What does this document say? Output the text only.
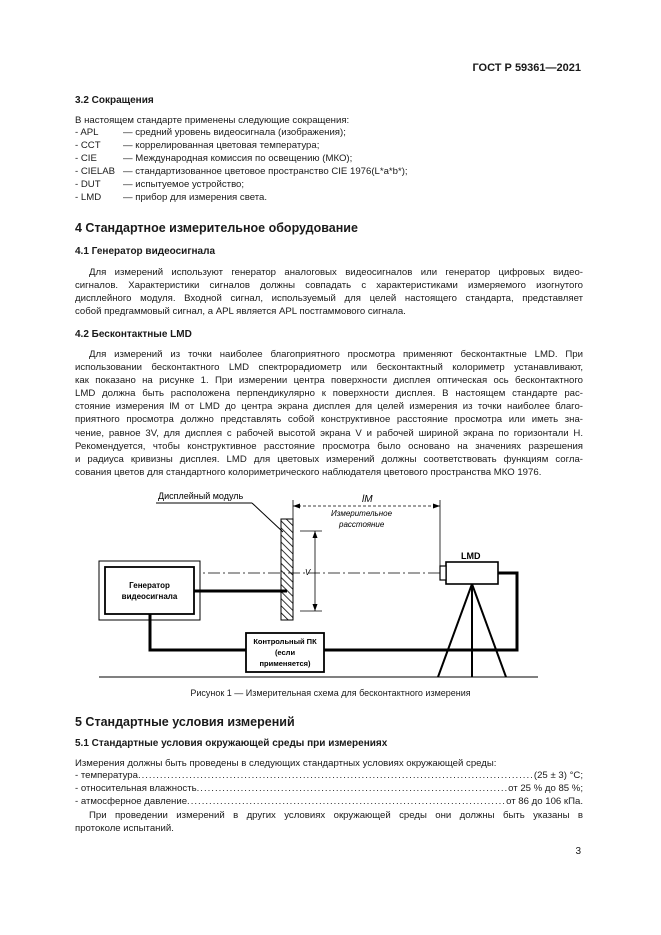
ГОСТ Р 59361—2021
3.2 Сокращения
В настоящем стандарте применены следующие сокращения:
- APL	— средний уровень видеосигнала (изображения);
- CCT — коррелированная цветовая температура;
- CIE	— Международная комиссия по освещению (МКО);
- CIELAB — стандартизованное цветовое пространство CIE 1976(L*a*b*);
- DUT — испытуемое устройство;
- LMD — прибор для измерения света.
4 Стандартное измерительное оборудование
4.1 Генератор видеосигнала
Для измерений используют генератор аналоговых видеосигналов или генератор цифровых видео-
сигналов. Характеристики сигналов должны совпадать с характеристиками измеряемого изогнутого
дисплейного модуля. Входной сигнал, используемый для целей настоящего стандарта, представляет
собой предгаммовый сигнал, а APL является APL постгаммового сигнала.
4.2 Бесконтактные LMD
Для измерений из точки наиболее благоприятного просмотра применяют бесконтактные LMD. При
использовании бесконтактного LMD спектрорадиометр или бесконтактный колориметр устанавливают,
как показано на рисунке 1. При измерении центра поверхности дисплея оптическая ось бесконтактного
LMD должна быть расположена перпендикулярно к поверхности дисплея. В настоящем стандарте рас-
стояние измерения lM от LMD до центра экрана дисплея для целей измерения из точки наиболее благо-
приятного просмотра должно представлять собой конструктивное расстояние просмотра или иметь зна-
чение, равное 3V, для дисплея с рабочей высотой экрана V и рабочей шириной экрана по горизонтали H.
Рекомендуется, чтобы конструктивное расстояние просмотра было основано на значениях разрешения
и радиуса кривизны дисплея. LMD для цветовых измерений должны соответствовать функциям согла-
сования цветов для стандартного колориметрического наблюдателя цветового пространства МКО 1976.
Дисплейный модуль
V
lM
Измерительное
расстояние
LMD
Генератор
видеосигнала
Контрольный ПК
(если
применяется)
Рисунок 1 — Измерительная схема для бесконтактного измерения
5 Стандартные условия измерений
5.1 Стандартные условия окружающей среды при измерениях
Измерения должны быть проведены в следующих стандартных условиях окружающей среды:
- температура .....	(25 ± 3) °С;
- относительная влажность .....	от 25 % до 85 %;
- атмосферное давление .....	от 86 до 106 кПа.
При проведении измерений в других условиях окружающей среды они должны быть указаны в
протоколе испытаний.
3
